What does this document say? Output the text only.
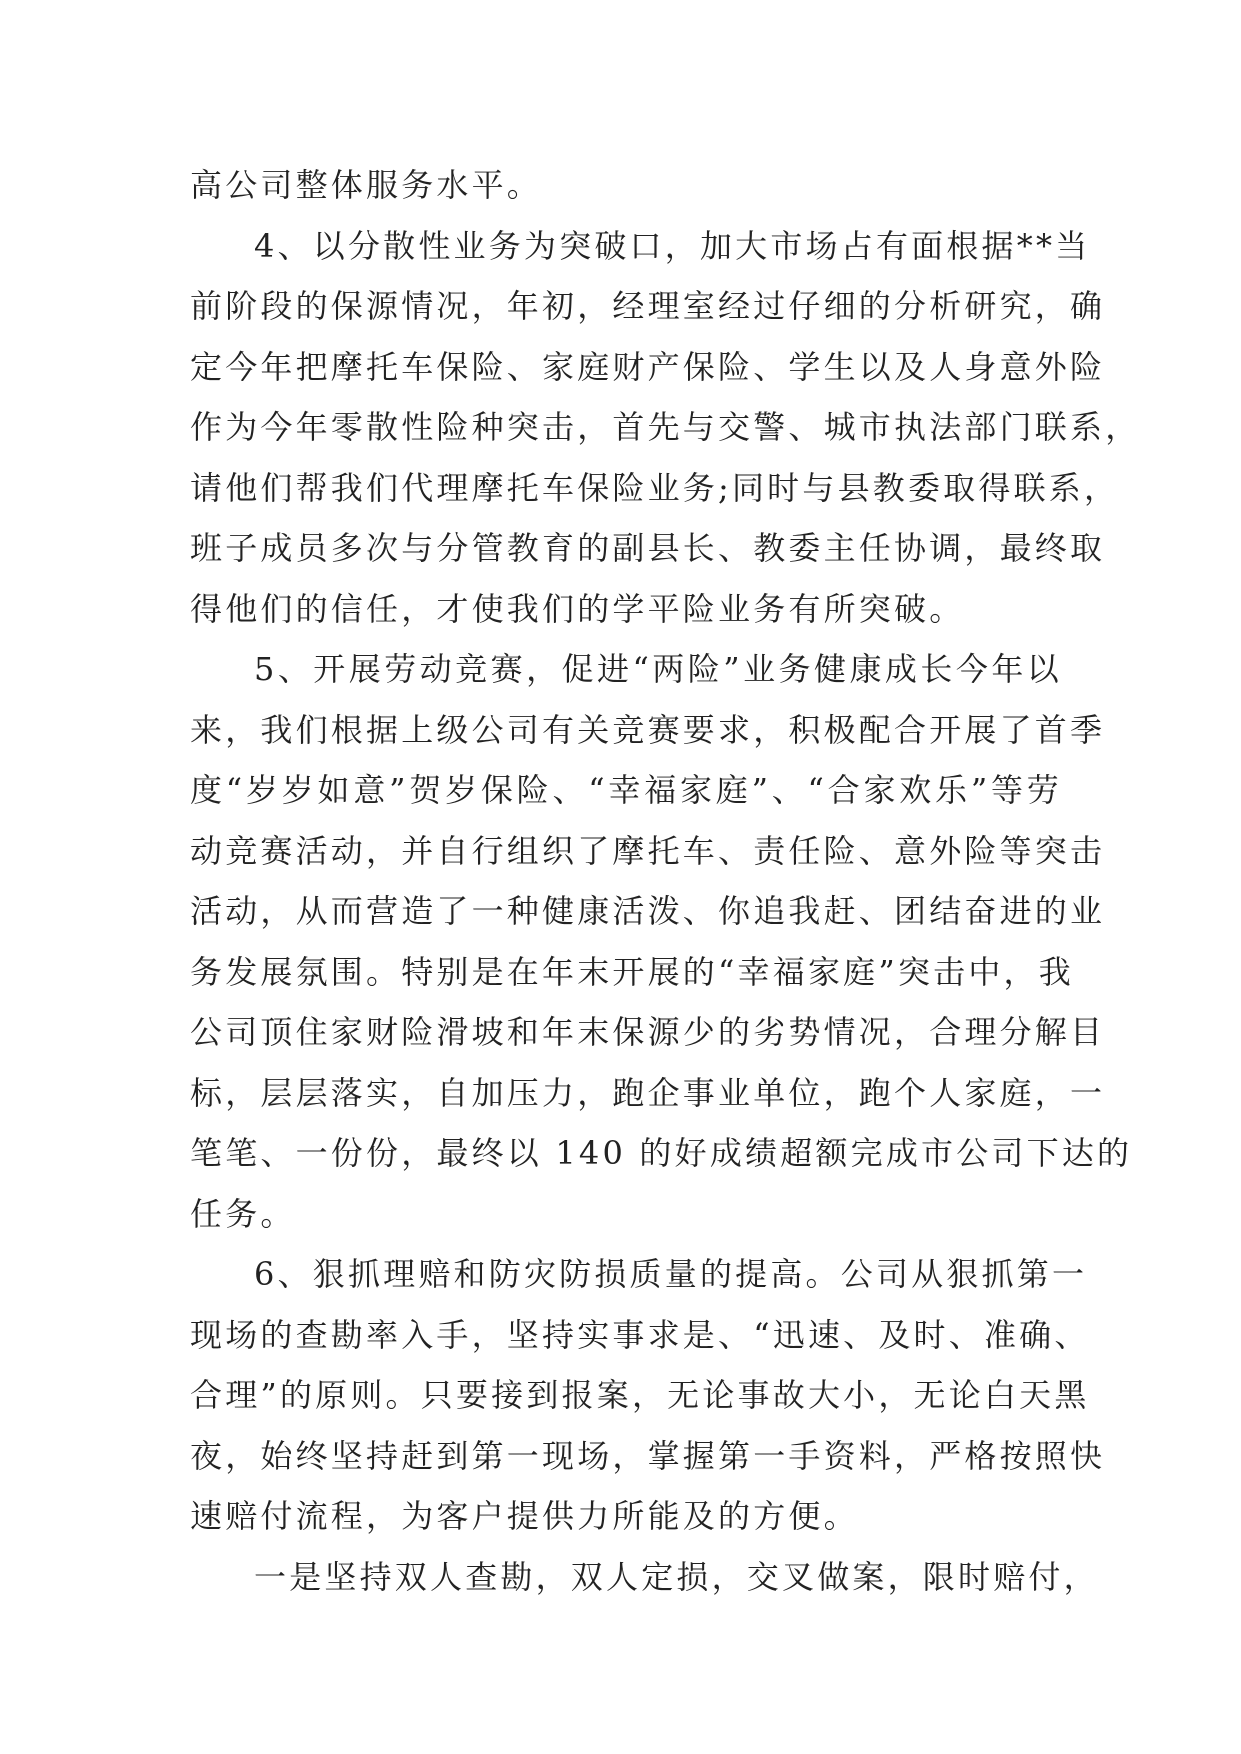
高公司整体服务水平。
4、以分散性业务为突破口，加大市场占有面根据**当
前阶段的保源情况，年初，经理室经过仔细的分析研究，确
定今年把摩托车保险、家庭财产保险、学生以及人身意外险
作为今年零散性险种突击，首先与交警、城市执法部门联系，
请他们帮我们代理摩托车保险业务;同时与县教委取得联系，
班子成员多次与分管教育的副县长、教委主任协调，最终取
得他们的信任，才使我们的学平险业务有所突破。
5、开展劳动竞赛，促进“两险”业务健康成长今年以
来，我们根据上级公司有关竞赛要求，积极配合开展了首季
度“岁岁如意”贺岁保险、“幸福家庭”、“合家欢乐”等劳
动竞赛活动，并自行组织了摩托车、责任险、意外险等突击
活动，从而营造了一种健康活泼、你追我赶、团结奋进的业
务发展氛围。特别是在年末开展的“幸福家庭”突击中，我
公司顶住家财险滑坡和年末保源少的劣势情况，合理分解目
标，层层落实，自加压力，跑企事业单位，跑个人家庭，一
笔笔、一份份，最终以 140 的好成绩超额完成市公司下达的
任务。
6、狠抓理赔和防灾防损质量的提高。公司从狠抓第一
现场的查勘率入手，坚持实事求是、“迅速、及时、准确、
合理”的原则。只要接到报案，无论事故大小，无论白天黑
夜，始终坚持赶到第一现场，掌握第一手资料，严格按照快
速赔付流程，为客户提供力所能及的方便。
一是坚持双人查勘，双人定损，交叉做案，限时赔付，
